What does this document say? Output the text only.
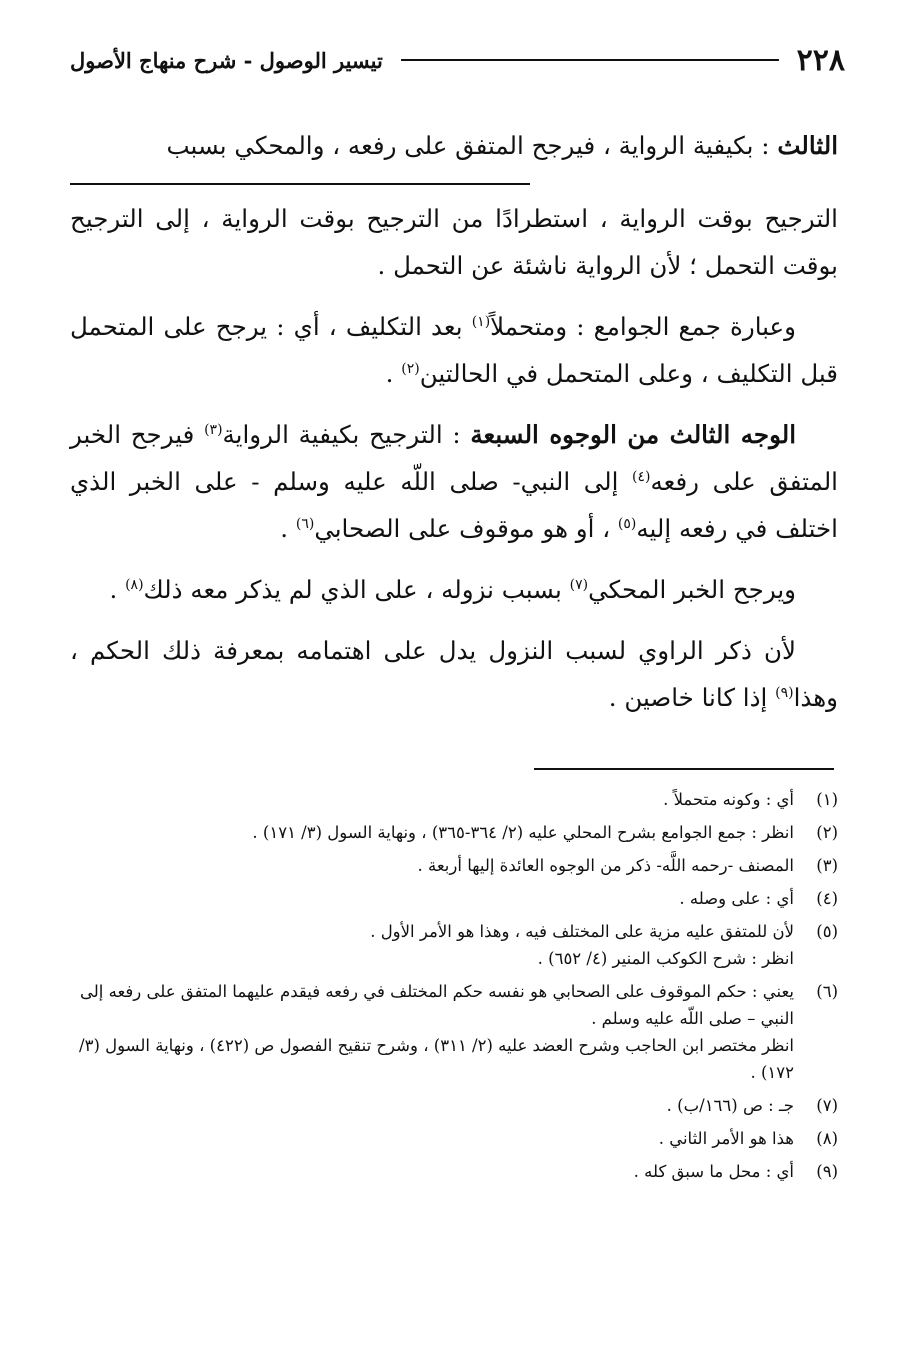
٢٢٨
تيسير الوصول - شرح منهاج الأصول

الثالث : بكيفية الرواية ، فيرجح المتفق على رفعه ، والمحكي بسبب

الترجيح بوقت الرواية ، استطرادًا من الترجيح بوقت الرواية ، إلى الترجيح بوقت التحمل ؛ لأن الرواية ناشئة عن التحمل .

وعبارة جمع الجوامع : ومتحملاً$^{(١)}$ بعد التكليف ، أي : يرجح على المتحمل قبل التكليف ، وعلى المتحمل في الحالتين$^{(٢)}$ .

الوجه الثالث من الوجوه السبعة : الترجيح بكيفية الرواية$^{(٣)}$ فيرجح الخبر المتفق على رفعه$^{(٤)}$ إلى النبي- صلى اللّه عليه وسلم - على الخبر الذي اختلف في رفعه إليه$^{(٥)}$ ، أو هو موقوف على الصحابي$^{(٦)}$ .

ويرجح الخبر المحكي$^{(٧)}$ بسبب نزوله ، على الذي لم يذكر معه ذلك$^{(٨)}$ .

لأن ذكر الراوي لسبب النزول يدل على اهتمامه بمعرفة ذلك الحكم ، وهذا$^{(٩)}$ إذا كانا خاصين .

(١)
أي : وكونه متحملاً .
(٢)
انظر : جمع الجوامع بشرح المحلي عليه (٢/ ٣٦٤-٣٦٥) ، ونهاية السول (٣/ ١٧١) .
(٣)
المصنف -رحمه اللَّه- ذكر من الوجوه العائدة إليها أربعة .
(٤)
أي : على وصله .
(٥)
لأن للمتفق عليه مزية على المختلف فيه ، وهذا هو الأمر الأول .
انظر : شرح الكوكب المنير (٤/ ٦٥٢) .
(٦)
يعني : حكم الموقوف على الصحابي هو نفسه حكم المختلف في رفعه فيقدم عليهما المتفق على رفعه إلى النبي – صلى اللّه عليه وسلم .
انظر مختصر ابن الحاجب وشرح العضد عليه (٢/ ٣١١) ، وشرح تنقيح الفصول ص (٤٢٢) ، ونهاية السول (٣/ ١٧٢) .
(٧)
جـ : ص (١٦٦/ب) .
(٨)
هذا هو الأمر الثاني .
(٩)
أي : محل ما سبق كله .
